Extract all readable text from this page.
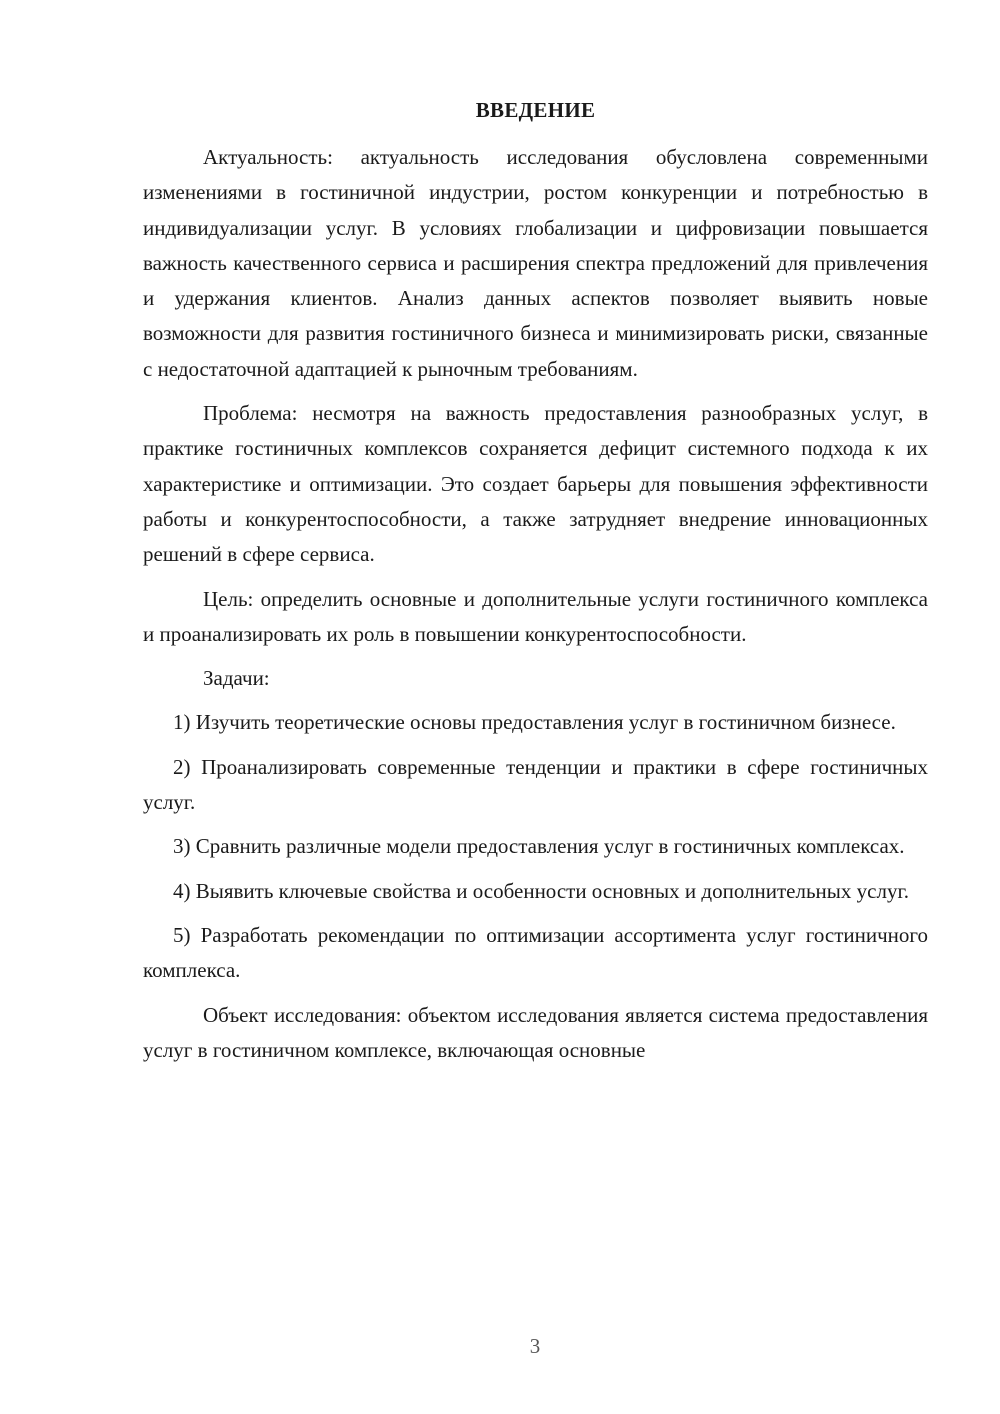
ВВЕДЕНИЕ

Актуальность: актуальность исследования обусловлена современными изменениями в гостиничной индустрии, ростом конкуренции и потребностью в индивидуализации услуг. В условиях глобализации и цифровизации повышается важность качественного сервиса и расширения спектра предложений для привлечения и удержания клиентов. Анализ данных аспектов позволяет выявить новые возможности для развития гостиничного бизнеса и минимизировать риски, связанные с недостаточной адаптацией к рыночным требованиям.

Проблема: несмотря на важность предоставления разнообразных услуг, в практике гостиничных комплексов сохраняется дефицит системного подхода к их характеристике и оптимизации. Это создает барьеры для повышения эффективности работы и конкурентоспособности, а также затрудняет внедрение инновационных решений в сфере сервиса.

Цель: определить основные и дополнительные услуги гостиничного комплекса и проанализировать их роль в повышении конкурентоспособности.

Задачи:

1) Изучить теоретические основы предоставления услуг в гостиничном бизнесе.

2) Проанализировать современные тенденции и практики в сфере гостиничных услуг.

3) Сравнить различные модели предоставления услуг в гостиничных комплексах.

4) Выявить ключевые свойства и особенности основных и дополнительных услуг.

5) Разработать рекомендации по оптимизации ассортимента услуг гостиничного комплекса.

Объект исследования: объектом исследования является система предоставления услуг в гостиничном комплексе, включающая основные

3
